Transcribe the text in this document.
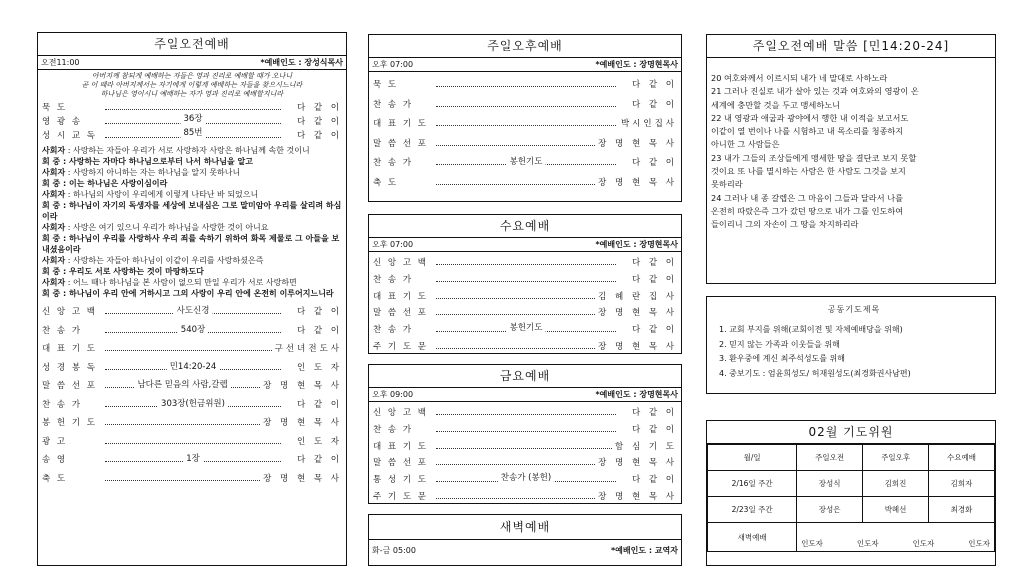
주일오전예배
오전11:00	*예배인도 : 장성식목사
아버지께 참되게 예배하는 자들은 영과 진리로 예배할 때가 오나니
곧 이 때라 아버지께서는 자기에게 이렇게 예배하는 자들을 찾으시느니라
하나님은 영이시니 예배하는 자가 영과 진리로 예배할지니라
묵 도	다 같 이
영 광 송	36장	다 같 이
성 시 교 독	85번	다 같 이
사회자 : 사랑하는 자들아 우리가 서로 사랑하자 사랑은 하나님께 속한 것이니
회 중 : 사랑하는 자마다 하나님으로부터 나서 하나님을 알고
사회자 : 사랑하지 아니하는 자는 하나님을 알지 못하나니
회 중 : 이는 하나님은 사랑이심이라
사회자 : 하나님의 사랑이 우리에게 이렇게 나타난 바 되었으니
회 중 : 하나님이 자기의 독생자를 세상에 보내심은 그로 말미암아 우리를 살리려 하심이라
사회자 : 사랑은 여기 있으니 우리가 하나님을 사랑한 것이 아니요
회 중 : 하나님이 우리를 사랑하사 우리 죄를 속하기 위하여 화목 제물로 그 아들을 보내셨음이라
사회자 : 사랑하는 자들아 하나님이 이같이 우리를 사랑하셨은즉
회 중 : 우리도 서로 사랑하는 것이 마땅하도다
사회자 : 어느 때나 하나님을 본 사람이 없으되 만일 우리가 서로 사랑하면
회 중 : 하나님이 우리 안에 거하시고 그의 사랑이 우리 안에 온전히 이루어지느니라
신 앙 고 백	사도신경	다 같 이
찬 송 가	540장	다 같 이
대 표 기 도	구선녀전도사
성 경 봉 독	민14:20-24	인 도 자
말 씀 선 포	남다른 믿음의 사람,갈렙	장 명 현 목 사
찬 송 가	303장(헌금위원)	다 같 이
봉 헌 기 도	장 명 현 목 사
광 고	인 도 자
송 영	1장	다 같 이
축 도	장 명 현 목 사
주일오후예배
오후 07:00	*예배인도 : 장명현목사
묵 도	다 같 이
찬 송 가	다 같 이
대 표 기 도	박시인집사
말 씀 선 포	장 명 현 목 사
찬 송 가	봉헌기도	다 같 이
축 도	장 명 현 목 사
수요예배
오후 07:00	*예배인도 : 장명현목사
신 앙 고 백	다 같 이
찬 송 가	다 같 이
대 표 기 도	김 혜 란 집 사
말 씀 선 포	장 명 현 목 사
찬 송 가	봉헌기도	다 같 이
주 기 도 문	장 명 현 목 사
금요예배
오후 09:00	*예배인도 : 장명현목사
신 앙 고 백	다 같 이
찬 송 가	다 같 이
대 표 기 도	함 심 기 도
말 씀 선 포	장 명 현 목 사
통 성 기 도	찬송가 (봉헌)	다 같 이
주 기 도 문	장 명 현 목 사
새벽예배
화-금 05:00	*예배인도 : 교역자
주일오전예배 말씀 [민14:20-24]

20 여호와께서 이르시되 내가 네 말대로 사하노라

21 그러나 진실로 내가 살아 있는 것과 여호와의 영광이 온

세계에 충만할 것을 두고 맹세하노니

22 내 영광과 애굽과 광야에서 행한 내 이적을 보고서도

이같이 열 번이나 나를 시험하고 내 목소리를 청종하지

아니한 그 사람들은

23 내가 그들의 조상들에게 맹세한 땅을 결단코 보지 못할

것이요 또 나를 멸시하는 사람은 한 사람도 그것을 보지

못하리라

24 그러나 내 종 갈렙은 그 마음이 그들과 달라서 나를

온전히 따랐은즉 그가 갔던 땅으로 내가 그를 인도하여

들이리니 그의 자손이 그 땅을 차지하리라

공동기도제목
1. 교회 부지를 위해(교회이전 및 자체예배당을 위해)
2. 믿지 않는 가족과 이웃들을 위해
3. 환우중에 계신 최주석성도를 위해
4. 중보기도 : 엄윤희성도/ 허재원성도(최경화권사남편)
02월 기도위원
월/일	주일오전	주일오후	수요예배
2/16일 주간	장성식	김희진	김희자
2/23일 주간	장성은	박혜선	최경화
새벽예배	인도자 인도자 인도자 인도자		
